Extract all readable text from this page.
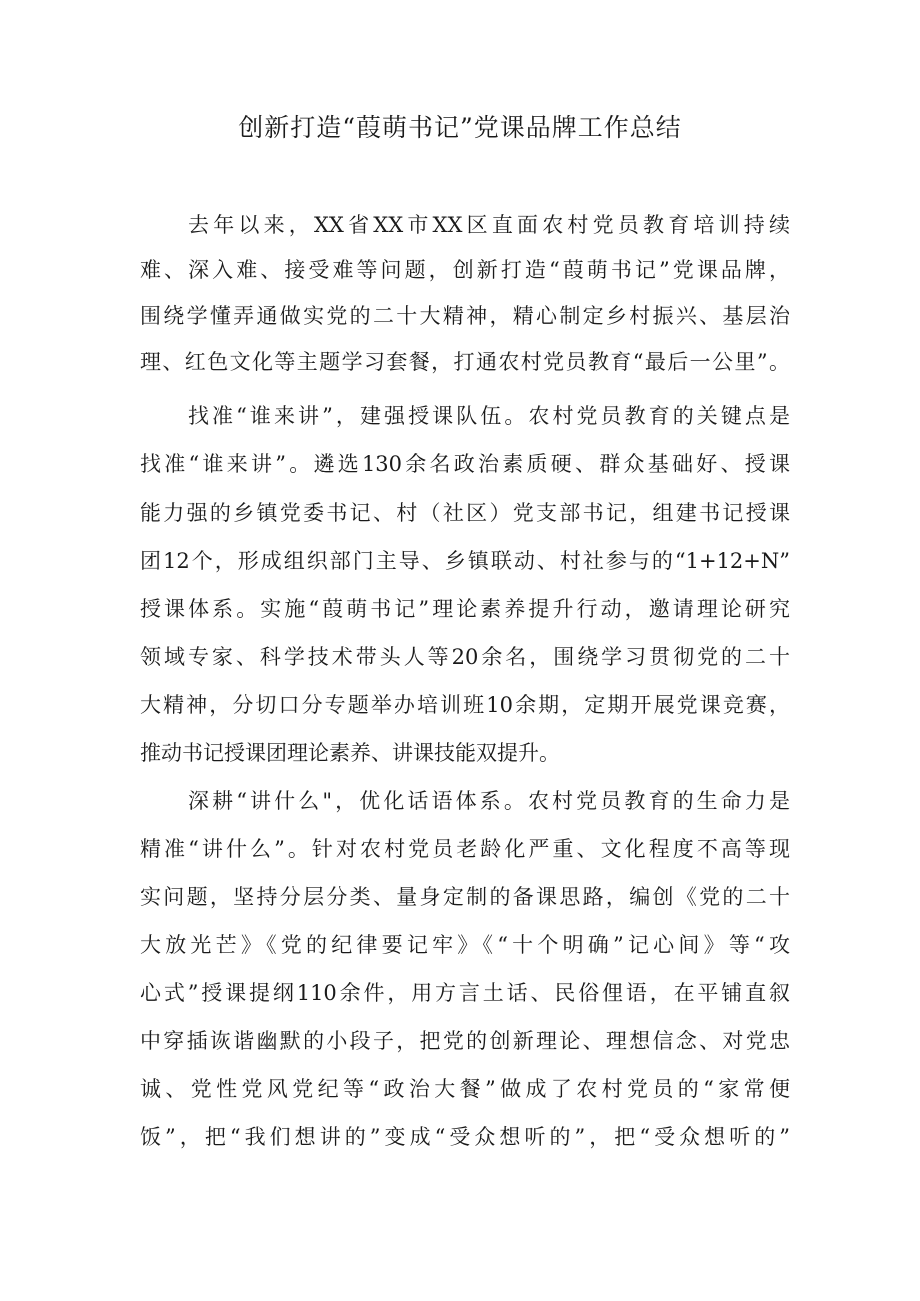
创新打造“葭萌书记”党课品牌工作总结
去年以来，XX省XX市XX区直面农村党员教育培训持续
难、深入难、接受难等问题，创新打造“葭萌书记”党课品牌，
围绕学懂弄通做实党的二十大精神，精心制定乡村振兴、基层治
理、红色文化等主题学习套餐，打通农村党员教育“最后一公里”。
找准“谁来讲”，建强授课队伍。农村党员教育的关键点是
找准“谁来讲”。遴选130余名政治素质硬、群众基础好、授课
能力强的乡镇党委书记、村（社区）党支部书记，组建书记授课
团12个，形成组织部门主导、乡镇联动、村社参与的“1+12+N”
授课体系。实施“葭萌书记”理论素养提升行动，邀请理论研究
领域专家、科学技术带头人等20余名，围绕学习贯彻党的二十
大精神，分切口分专题举办培训班10余期，定期开展党课竞赛，
推动书记授课团理论素养、讲课技能双提升。
深耕“讲什么"，优化话语体系。农村党员教育的生命力是
精准“讲什么”。针对农村党员老龄化严重、文化程度不高等现
实问题，坚持分层分类、量身定制的备课思路，编创《党的二十
大放光芒》《党的纪律要记牢》《“十个明确”记心间》等“攻
心式”授课提纲110余件，用方言土话、民俗俚语，在平铺直叙
中穿插诙谐幽默的小段子，把党的创新理论、理想信念、对党忠
诚、党性党风党纪等“政治大餐”做成了农村党员的“家常便
饭”，把“我们想讲的”变成“受众想听的”，把“受众想听的”
